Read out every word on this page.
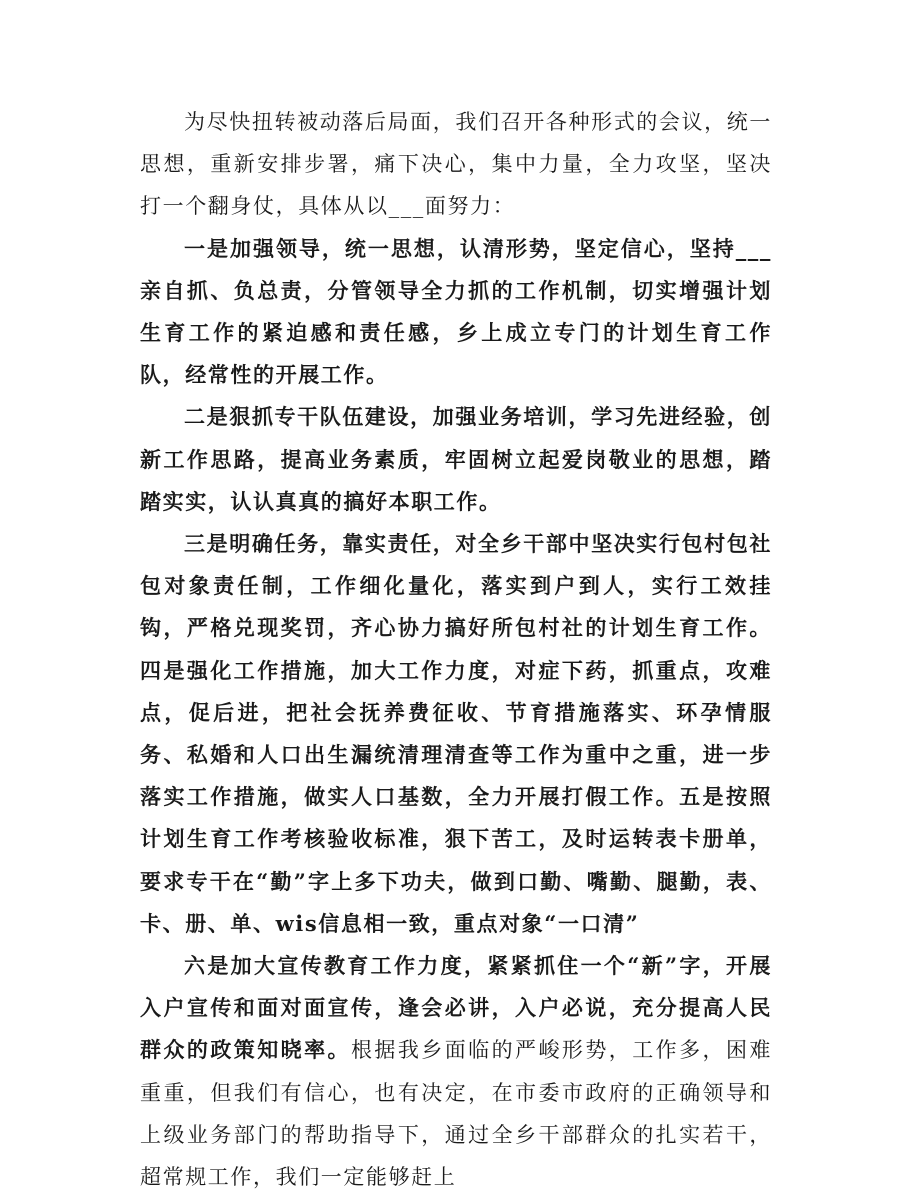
为尽快扭转被动落后局面，我们召开各种形式的会议，统一思想，重新安排步署，痛下决心，集中力量，全力攻坚，坚决打一个翻身仗，具体从以___面努力：

一是加强领导，统一思想，认清形势，坚定信心，坚持___亲自抓、负总责，分管领导全力抓的工作机制，切实增强计划生育工作的紧迫感和责任感，乡上成立专门的计划生育工作队，经常性的开展工作。

二是狠抓专干队伍建设，加强业务培训，学习先进经验，创新工作思路，提高业务素质，牢固树立起爱岗敬业的思想，踏踏实实，认认真真的搞好本职工作。

三是明确任务，靠实责任，对全乡干部中坚决实行包村包社包对象责任制，工作细化量化，落实到户到人，实行工效挂钩，严格兑现奖罚，齐心协力搞好所包村社的计划生育工作。四是强化工作措施，加大工作力度，对症下药，抓重点，攻难点，促后进，把社会抚养费征收、节育措施落实、环孕情服务、私婚和人口出生漏统清理清查等工作为重中之重，进一步落实工作措施，做实人口基数，全力开展打假工作。五是按照计划生育工作考核验收标准，狠下苦工，及时运转表卡册单，要求专干在“勤”字上多下功夫，做到口勤、嘴勤、腿勤，表、卡、册、单、wis信息相一致，重点对象“一口清”

六是加大宣传教育工作力度，紧紧抓住一个“新”字，开展入户宣传和面对面宣传，逢会必讲，入户必说，充分提高人民群众的政策知晓率。根据我乡面临的严峻形势，工作多，困难重重，但我们有信心，也有决定，在市委市政府的正确领导和上级业务部门的帮助指导下，通过全乡干部群众的扎实若干，超常规工作，我们一定能够赶上
